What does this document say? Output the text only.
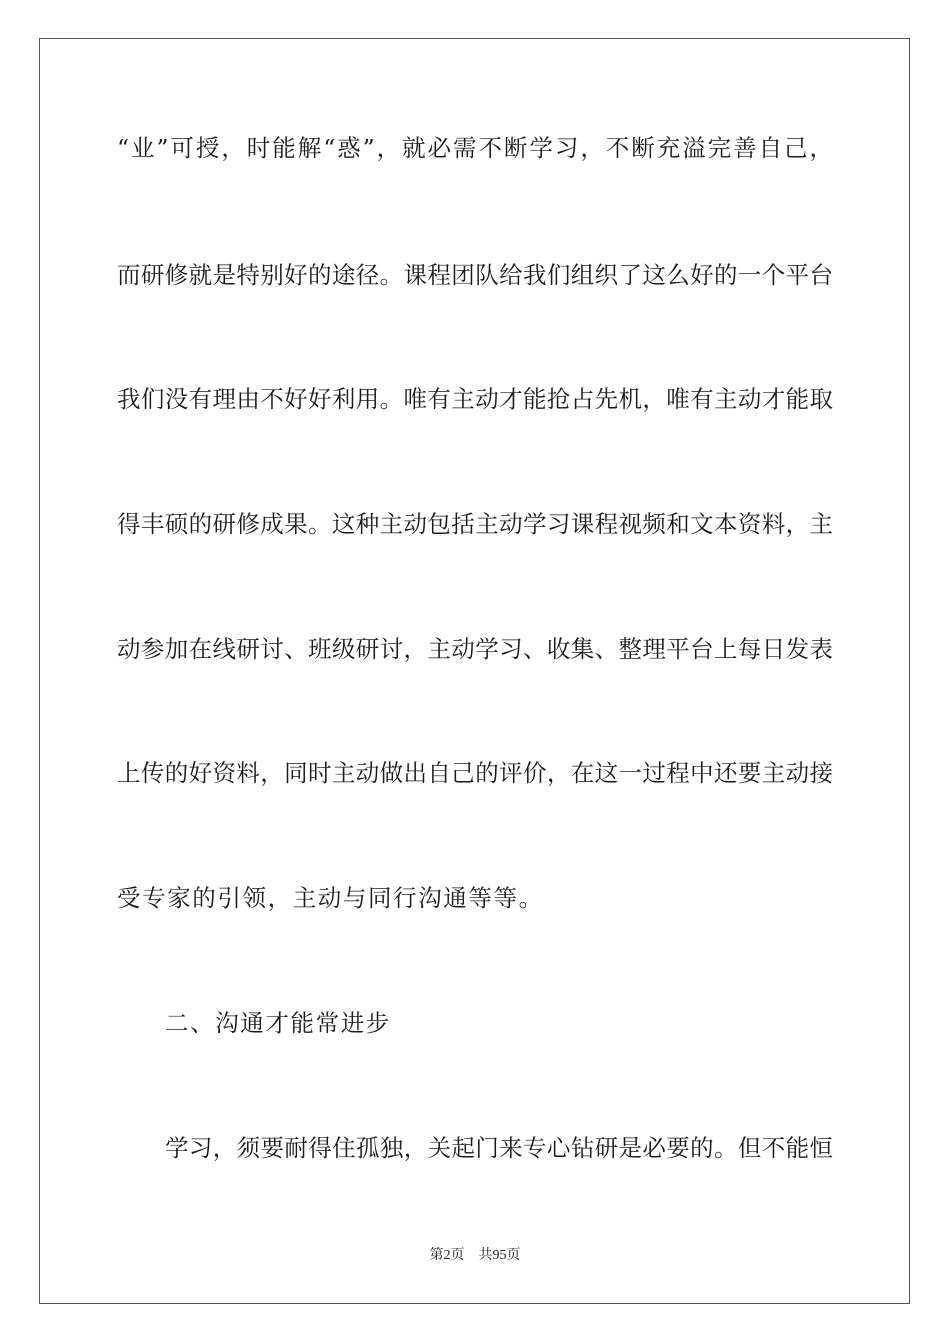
“业”可授，时能解“惑”，就必需不断学习，不断充溢完善自己，
而研修就是特别好的途径。课程团队给我们组织了这么好的一个平台
我们没有理由不好好利用。唯有主动才能抢占先机，唯有主动才能取
得丰硕的研修成果。这种主动包括主动学习课程视频和文本资料，主
动参加在线研讨、班级研讨，主动学习、收集、整理平台上每日发表
上传的好资料，同时主动做出自己的评价，在这一过程中还要主动接
受专家的引领，主动与同行沟通等等。
二、沟通才能常进步
学习，须要耐得住孤独，关起门来专心钻研是必要的。但不能恒
第2页 共95页
